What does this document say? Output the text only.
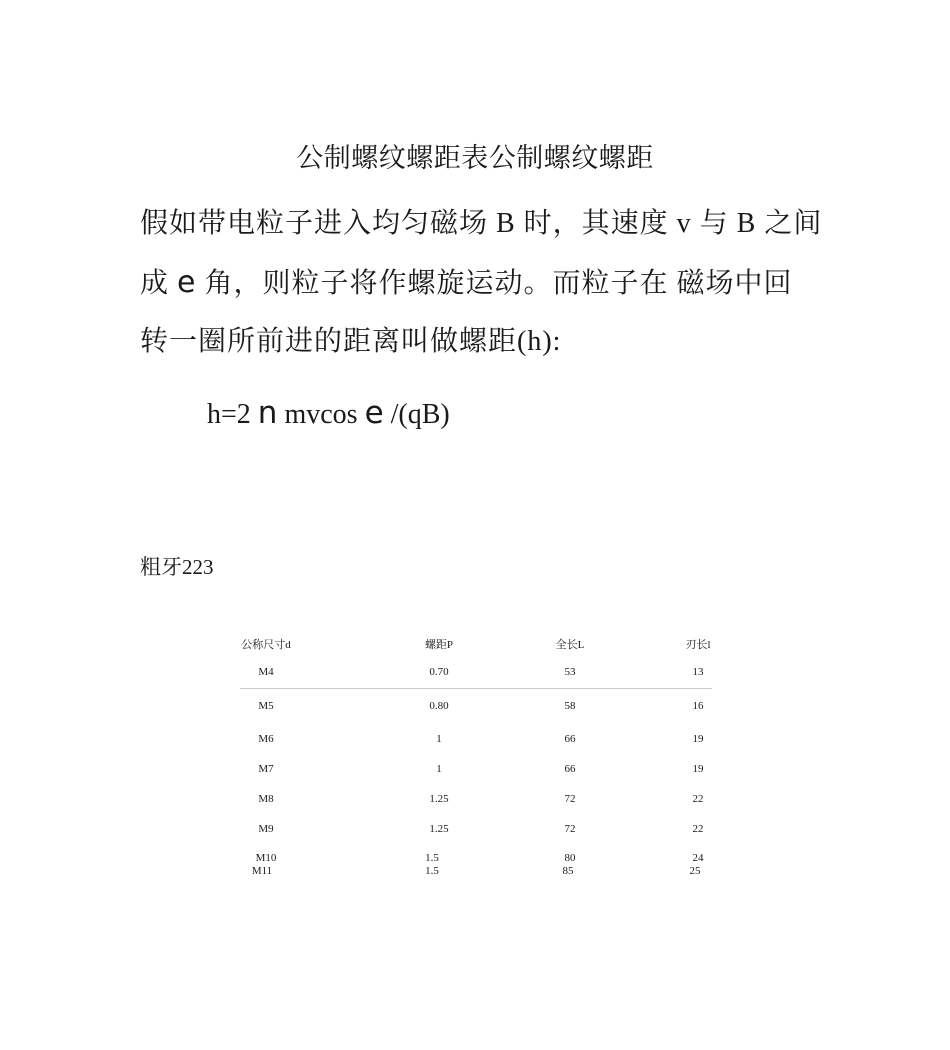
公制螺纹螺距表公制螺纹螺距
假如带电粒子进入均匀磁场 B 时，其速度 v 与 B 之间
成 e 角，则粒子将作螺旋运动。而粒子在 磁场中回
转一圈所前进的距离叫做螺距(h):
h=2 n mvcos e /(qB)
粗牙223
公称尺寸d	螺距P	全长L	刃长l
M4	0.70	53	13
M5	0.80	58	16
M6	1	66	19
M7	1	66	19
M8	1.25	72	22
M9	1.25	72	22
M10	1.5	80	24
M11	1.5	85	25
